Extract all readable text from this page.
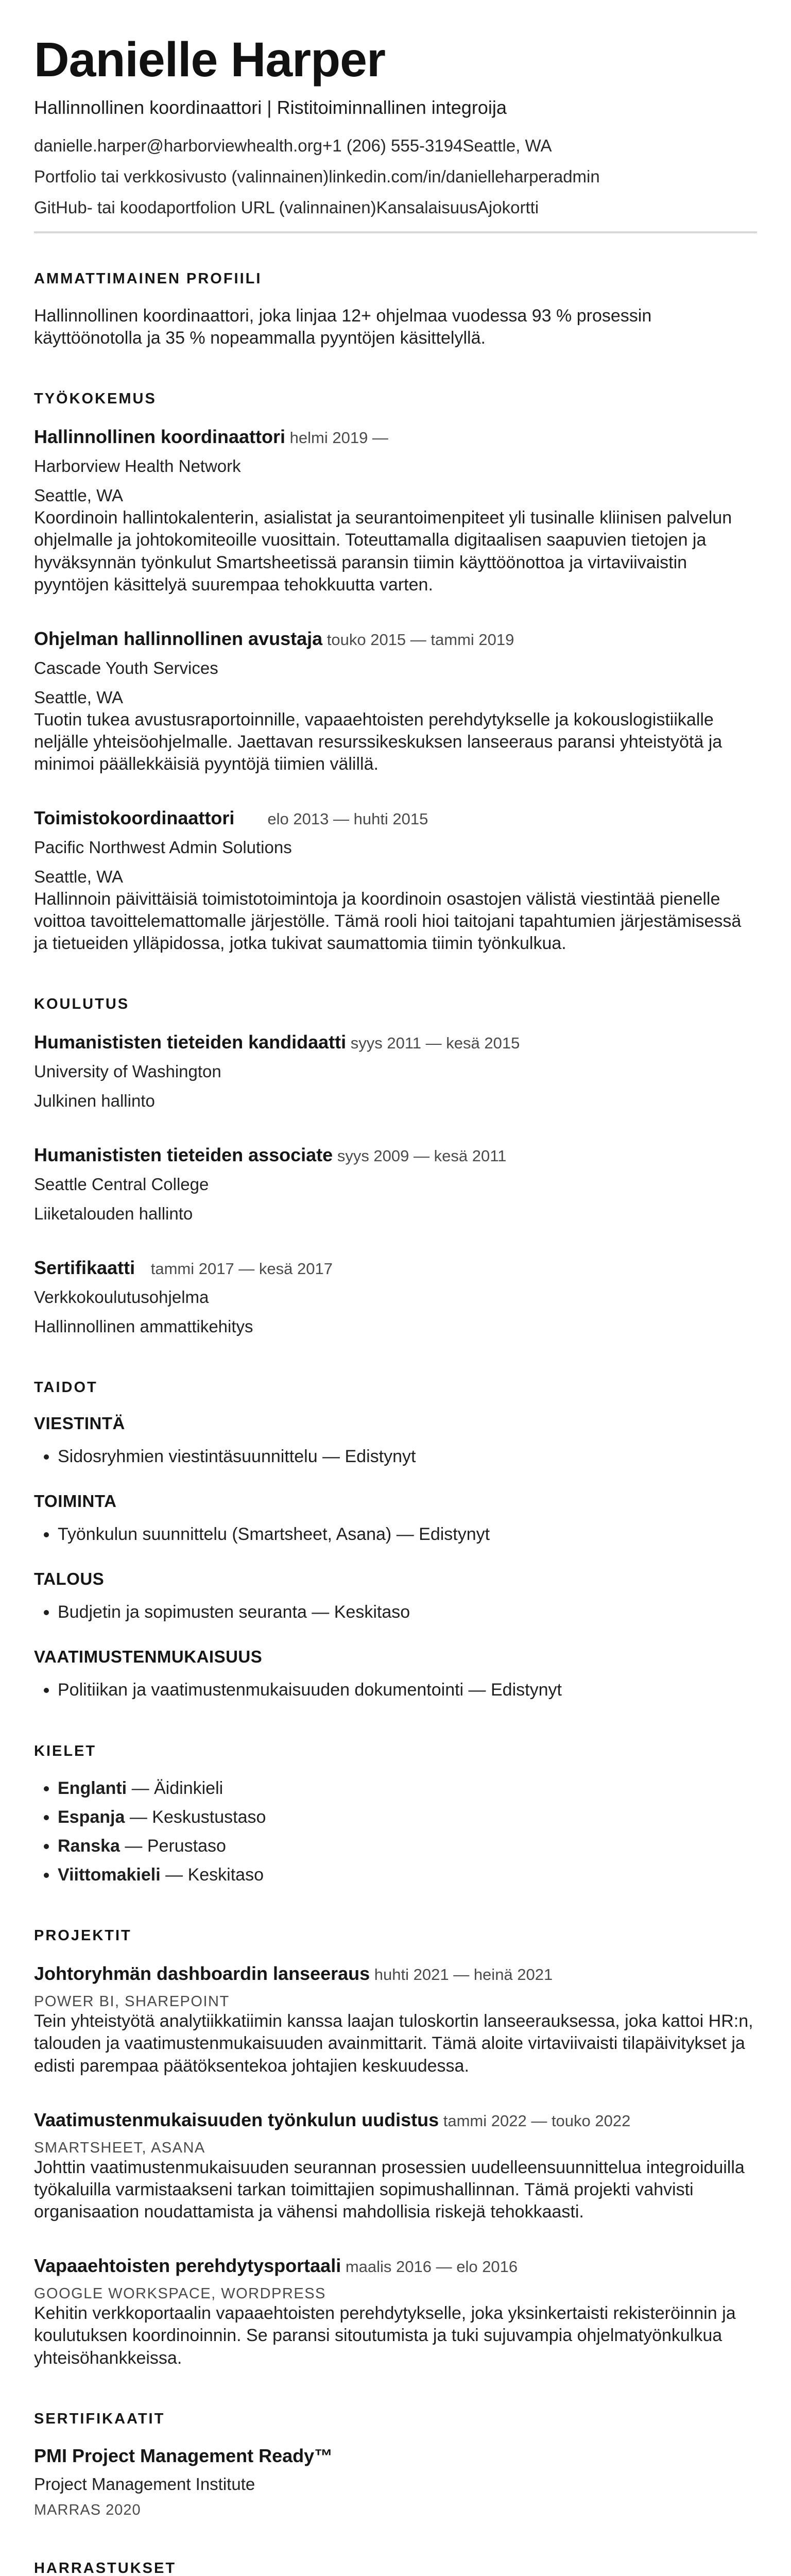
Danielle Harper
Hallinnollinen koordinaattori | Ristitoiminnallinen integroija
danielle.harper@harborviewhealth.org+1 (206) 555-3194Seattle, WA
Portfolio tai verkkosivusto (valinnainen)linkedin.com/in/danielleharperadmin
GitHub- tai koodaportfolion URL (valinnainen)KansalaisuusAjokortti
AMMATTIMAINEN PROFIILI

Hallinnollinen koordinaattori, joka linjaa 12+ ohjelmaa vuodessa 93 % prosessin käyttöönotolla ja 35 % nopeammalla pyyntöjen käsittelyllä.

TYÖKOKEMUS
Hallinnollinen koordinaattori helmi 2019 —
Harborview Health Network
Seattle, WA

Koordinoin hallintokalenterin, asialistat ja seurantoimenpiteet yli tusinalle kliinisen palvelun ohjelmalle ja johtokomiteoille vuosittain. Toteuttamalla digitaalisen saapuvien tietojen ja hyväksynnän työnkulut Smartsheetissä paransin tiimin käyttöönottoa ja virtaviivaistin pyyntöjen käsittelyä suurempaa tehokkuutta varten.

Ohjelman hallinnollinen avustaja touko 2015 — tammi 2019
Cascade Youth Services
Seattle, WA

Tuotin tukea avustusraportoinnille, vapaaehtoisten perehdytykselle ja kokouslogistiikalle neljälle yhteisöohjelmalle. Jaettavan resurssikeskuksen lanseeraus paransi yhteistyötä ja minimoi päällekkäisiä pyyntöjä tiimien välillä.

Toimistokoordinaattori	elo 2013 — huhti 2015
Pacific Northwest Admin Solutions
Seattle, WA

Hallinnoin päivittäisiä toimistotoimintoja ja koordinoin osastojen välistä viestintää pienelle voittoa tavoittelemattomalle järjestölle. Tämä rooli hioi taitojani tapahtumien järjestämisessä ja tietueiden ylläpidossa, jotka tukivat saumattomia tiimin työnkulkua.

KOULUTUS
Humanististen tieteiden kandidaatti syys 2011 — kesä 2015
University of Washington
Julkinen hallinto
Humanististen tieteiden associate syys 2009 — kesä 2011
Seattle Central College
Liiketalouden hallinto
Sertifikaatti	tammi 2017 — kesä 2017
Verkkokoulutusohjelma
Hallinnollinen ammattikehitys
TAIDOT
VIESTINTÄ
• Sidosryhmien viestintäsuunnittelu — Edistynyt
TOIMINTA
• Työnkulun suunnittelu (Smartsheet, Asana) — Edistynyt
TALOUS
• Budjetin ja sopimusten seuranta — Keskitaso
VAATIMUSTENMUKAISUUS
• Politiikan ja vaatimustenmukaisuuden dokumentointi — Edistynyt
KIELET
• Englanti — Äidinkieli
• Espanja — Keskustustaso
• Ranska — Perustaso
• Viittomakieli — Keskitaso
PROJEKTIT
Johtoryhmän dashboardin lanseeraus huhti 2021 — heinä 2021
POWER BI, SHAREPOINT

Tein yhteistyötä analytiikkatiimin kanssa laajan tuloskortin lanseerauksessa, joka kattoi HR:n, talouden ja vaatimustenmukaisuuden avainmittarit. Tämä aloite virtaviivaisti tilapäivitykset ja edisti parempaa päätöksentekoa johtajien keskuudessa.

Vaatimustenmukaisuuden työnkulun uudistus tammi 2022 — touko 2022
SMARTSHEET, ASANA

Johttin vaatimustenmukaisuuden seurannan prosessien uudelleensuunnittelua integroiduilla työkaluilla varmistaakseni tarkan toimittajien sopimushallinnan. Tämä projekti vahvisti organisaation noudattamista ja vähensi mahdollisia riskejä tehokkaasti.

Vapaaehtoisten perehdytysportaali maalis 2016 — elo 2016
GOOGLE WORKSPACE, WORDPRESS

Kehitin verkkoportaalin vapaaehtoisten perehdytykselle, joka yksinkertaisti rekisteröinnin ja koulutuksen koordinoinnin. Se paransi sitoutumista ja tuki sujuvampia ohjelmatyönkulkua yhteisöhankkeissa.

SERTIFIKAATIT
PMI Project Management Ready™
Project Management Institute
MARRAS 2020
HARRASTUKSET
